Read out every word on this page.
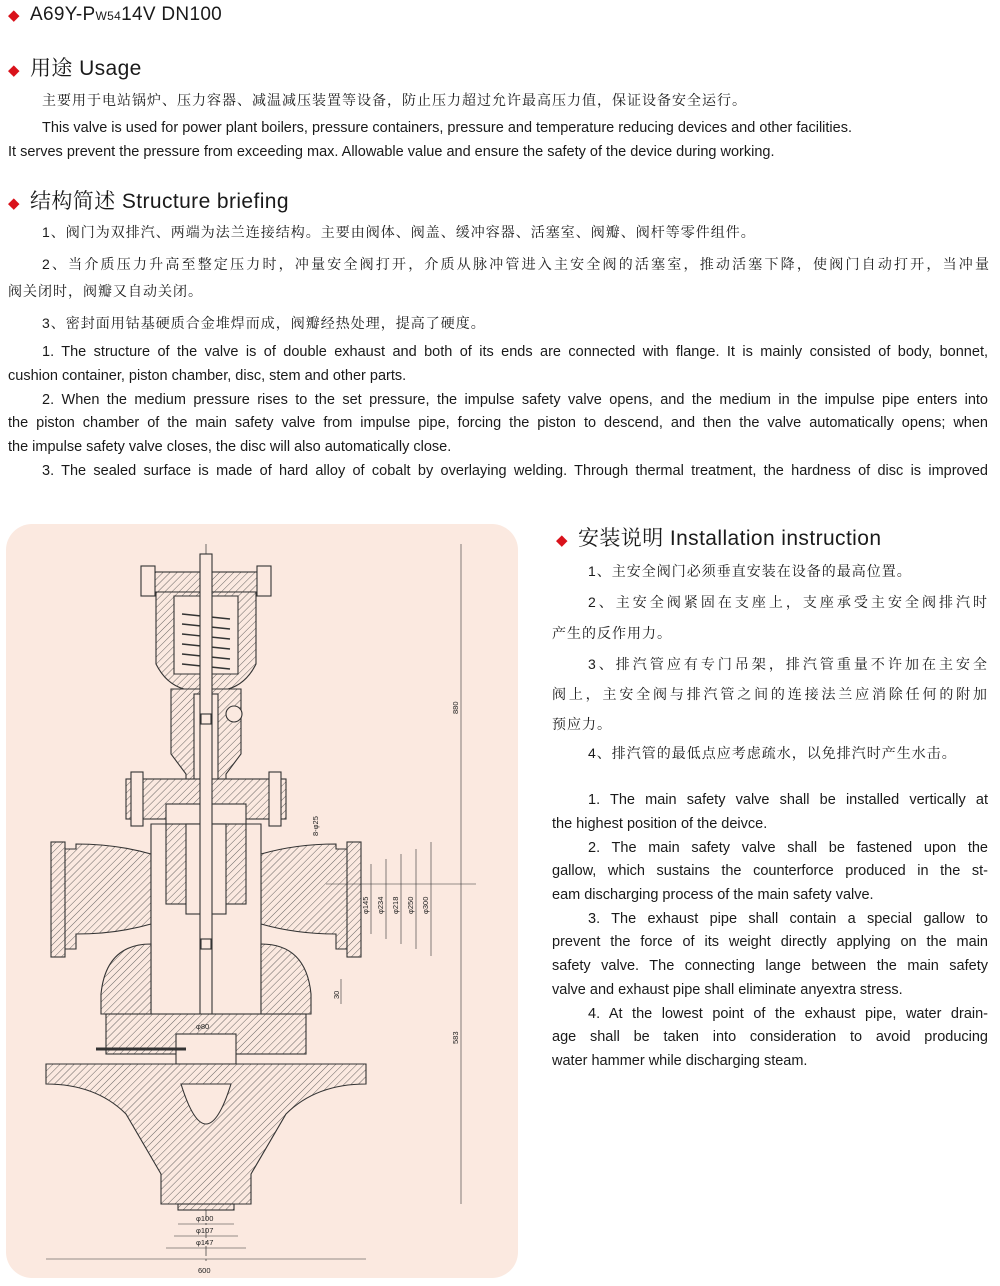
◆ A69Y-PW5414V DN100
◆ 用途 Usage

主要用于电站锅炉、压力容器、减温减压装置等设备，防止压力超过允许最高压力值，保证设备安全运行。

This valve is used for power plant boilers, pressure containers, pressure and temperature reducing devices and other facilities.

It serves prevent the pressure from exceeding max. Allowable value and ensure the safety of the device during working.

◆ 结构简述 Structure briefing

1、阀门为双排汽、两端为法兰连接结构。主要由阀体、阀盖、缓冲容器、活塞室、阀瓣、阀杆等零件组件。

2、当介质压力升高至整定压力时，冲量安全阀打开，介质从脉冲管进入主安全阀的活塞室，推动活塞下降，使阀门自动打开，当冲量

阀关闭时，阀瓣又自动关闭。

3、密封面用钴基硬质合金堆焊而成，阀瓣经热处理，提高了硬度。

1. The structure of the valve is of double exhaust and both of its ends are connected with flange. It is mainly consisted of body, bonnet,

cushion container, piston chamber, disc, stem and other parts.

2. When the medium pressure rises to the set pressure, the impulse safety valve opens, and the medium in the impulse pipe enters into

the piston chamber of the main safety valve from impulse pipe, forcing the piston to descend, and then the valve automatically opens; when

the impulse safety valve closes, the disc will also automatically close.

3. The sealed surface is made of hard alloy of cobalt by overlaying welding. Through thermal treatment, the hardness of disc is improved

880
583
8-φ25
φ145 φ234 φ218 φ250 φ300
30
φ80
φ100
φ107
φ147
600
◆ 安装说明 Installation instruction

1、主安全阀门必须垂直安装在设备的最高位置。

2、主安全阀紧固在支座上，支座承受主安全阀排汽时

产生的反作用力。

3、排汽管应有专门吊架，排汽管重量不许加在主安全

阀上，主安全阀与排汽管之间的连接法兰应消除任何的附加

预应力。

4、排汽管的最低点应考虑疏水，以免排汽时产生水击。

1. The main safety valve shall be installed vertically at

the highest position of the deivce.

2. The main safety valve shall be fastened upon the

gallow, which sustains the counterforce produced in the st-

eam discharging process of the main safety valve.

3. The exhaust pipe shall contain a special gallow to

prevent the force of its weight directly applying on the main

safety valve. The connecting lange between the main safety

valve and exhaust pipe shall eliminate anyextra stress.

4. At the lowest point of the exhaust pipe, water drain-

age shall be taken into consideration to avoid producing

water hammer while discharging steam.
